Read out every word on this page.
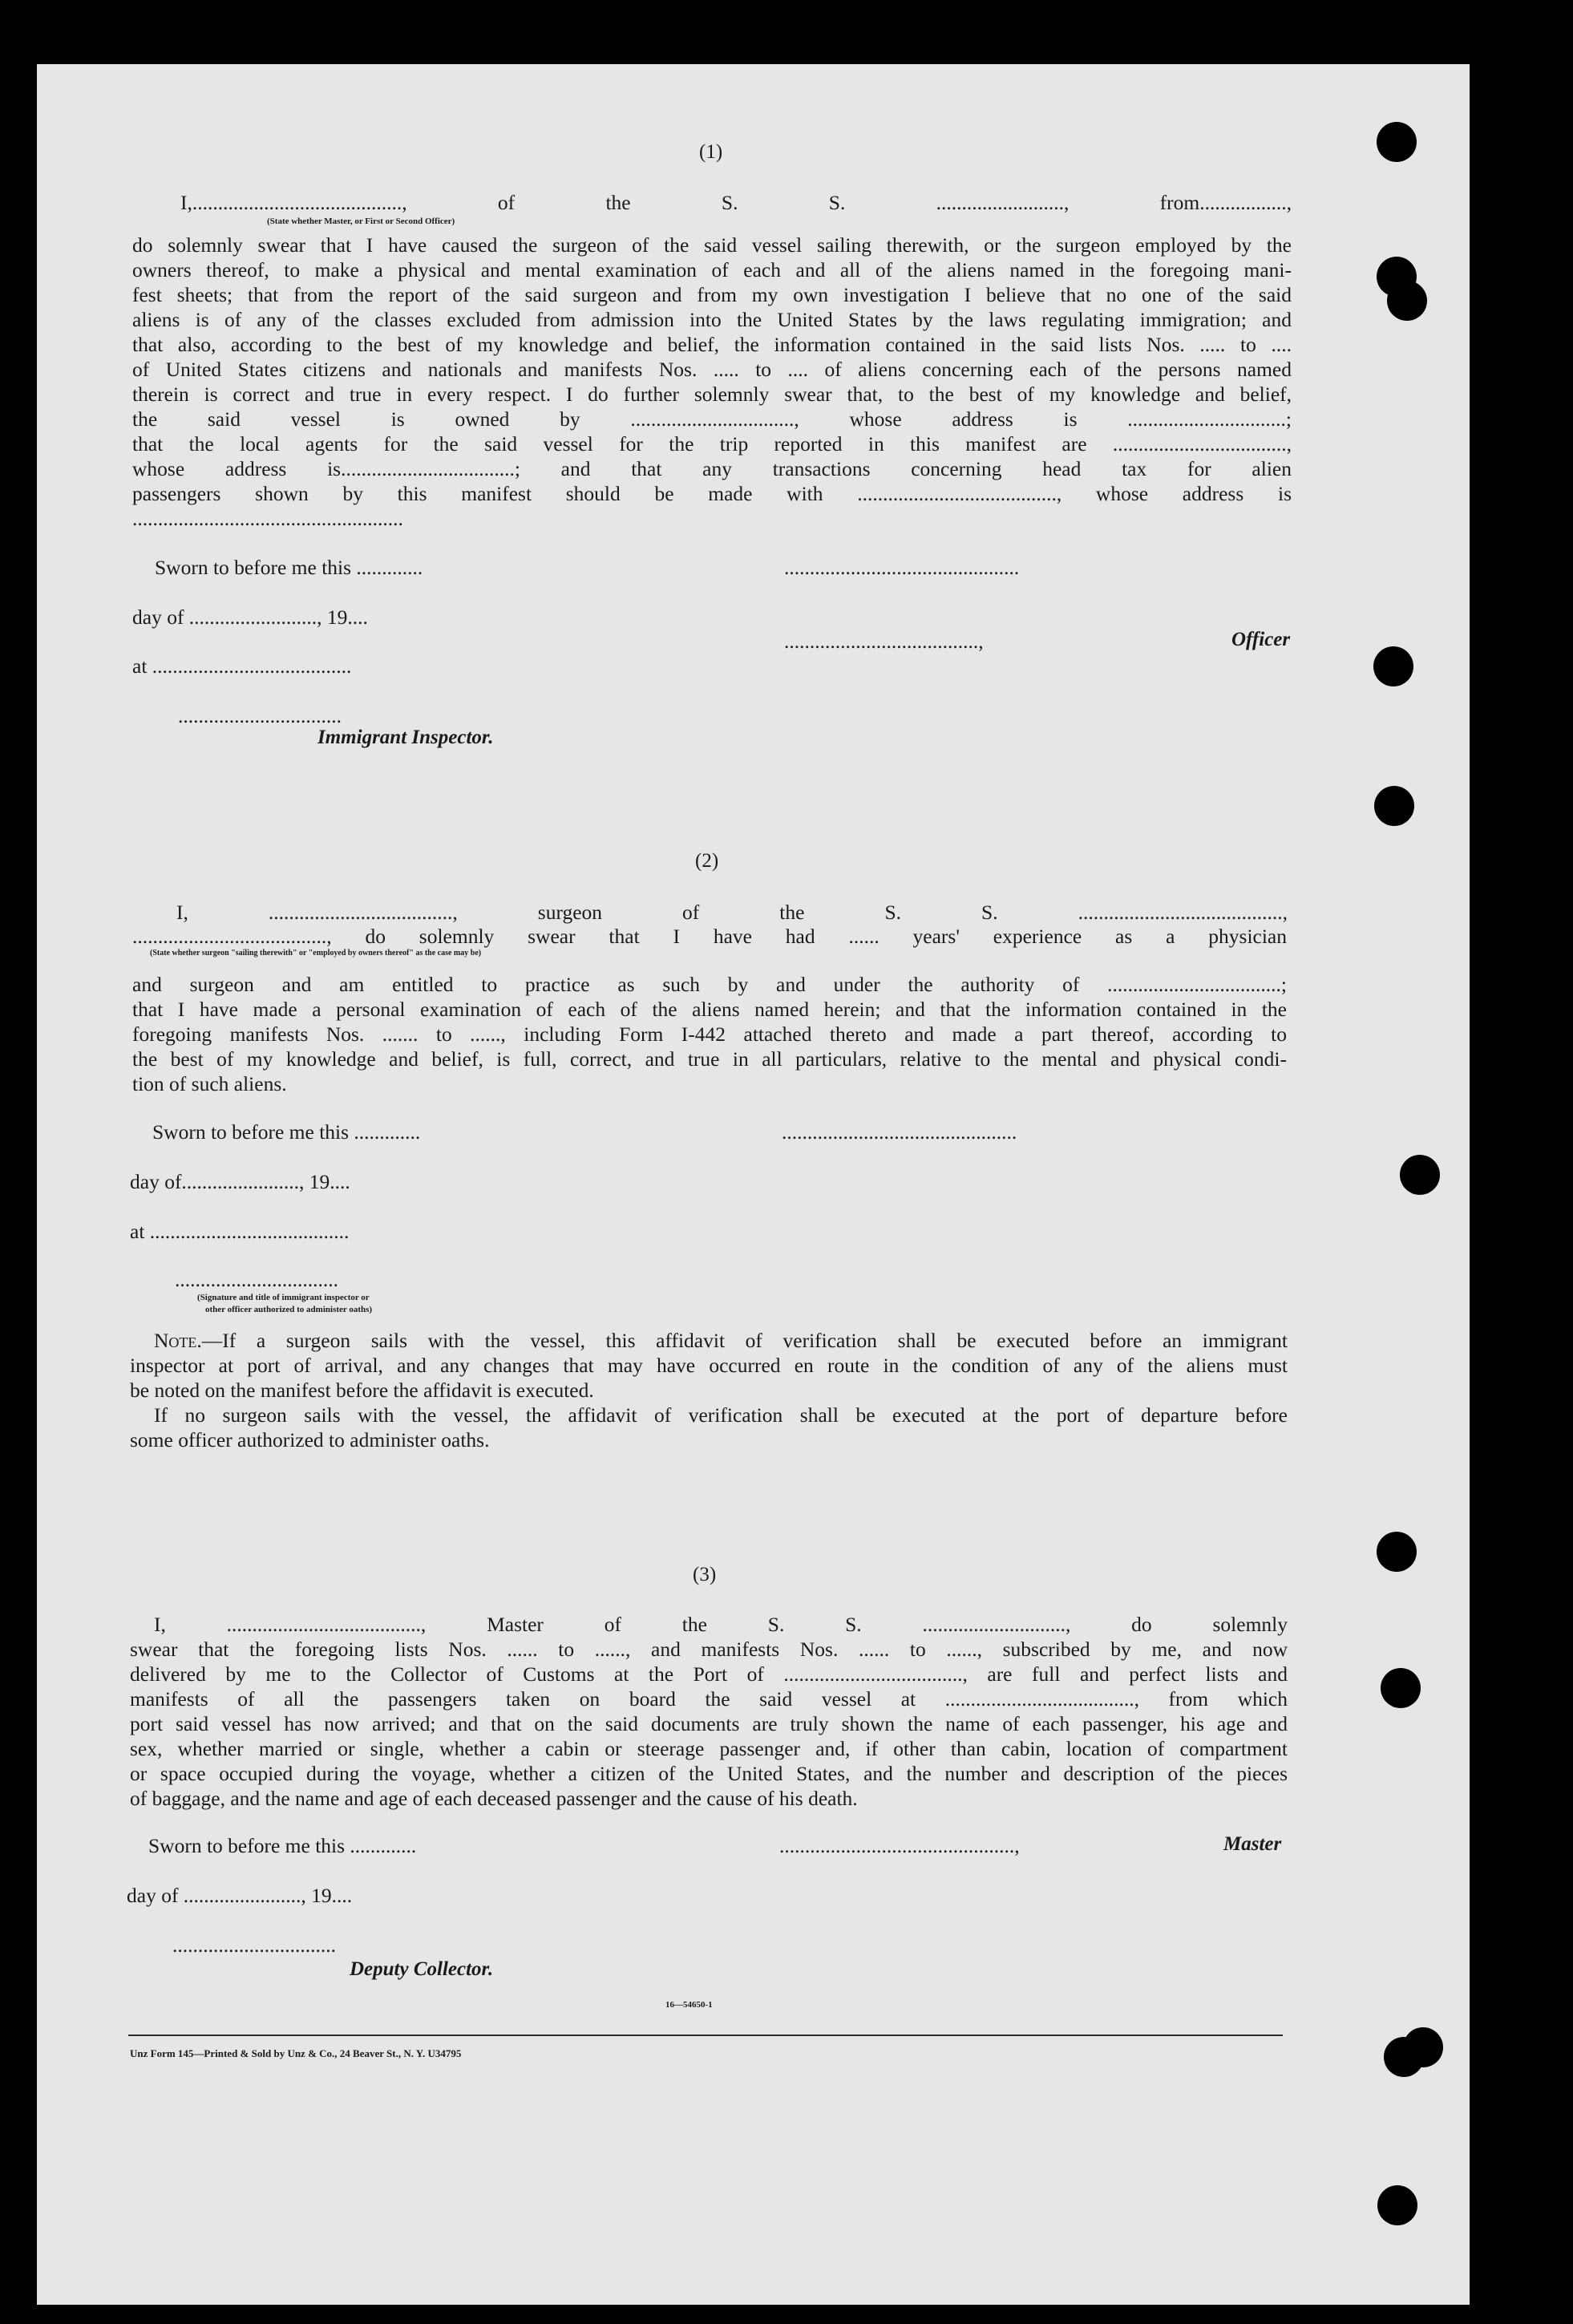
(1)
I,........................................., of the S. S. ........................., from.................,
(State whether Master, or First or Second Officer)
do solemnly swear that I have caused the surgeon of the said vessel sailing therewith, or the surgeon employed by the
owners thereof, to make a physical and mental examination of each and all of the aliens named in the foregoing mani-
fest sheets; that from the report of the said surgeon and from my own investigation I believe that no one of the said
aliens is of any of the classes excluded from admission into the United States by the laws regulating immigration; and
that also, according to the best of my knowledge and belief, the information contained in the said lists Nos. ..... to ....
of United States citizens and nationals and manifests Nos. ..... to .... of aliens concerning each of the persons named
therein is correct and true in every respect. I do further solemnly swear that, to the best of my knowledge and belief,
the said vessel is owned by ................................, whose address is ...............................;
that the local agents for the said vessel for the trip reported in this manifest are ..................................,
whose address is..................................; and that any transactions concerning head tax for alien
passengers shown by this manifest should be made with ......................................., whose address is
.....................................................
Sworn to before me this .............	..............................................
day of ........................., 19....
......................................,	Officer
at .......................................
................................
Immigrant Inspector.
(2)
I, ...................................., surgeon of the S. S. ........................................,
......................................, do solemnly swear that I have had ...... years' experience as a physician
(State whether surgeon "sailing therewith" or "employed by owners thereof" as the case may be)
and surgeon and am entitled to practice as such by and under the authority of ..................................;
that I have made a personal examination of each of the aliens named herein; and that the information contained in the
foregoing manifests Nos. ....... to ......, including Form I-442 attached thereto and made a part thereof, according to
the best of my knowledge and belief, is full, correct, and true in all particulars, relative to the mental and physical condi-
tion of such aliens.
Sworn to before me this .............	..............................................
day of......................., 19....
at .......................................
................................
(Signature and title of immigrant inspector or
other officer authorized to administer oaths)
Note.—If a surgeon sails with the vessel, this affidavit of verification shall be executed before an immigrant
inspector at port of arrival, and any changes that may have occurred en route in the condition of any of the aliens must
be noted on the manifest before the affidavit is executed.
If no surgeon sails with the vessel, the affidavit of verification shall be executed at the port of departure before
some officer authorized to administer oaths.
(3)
I, ......................................, Master of the S. S. ............................, do solemnly
swear that the foregoing lists Nos. ...... to ......, and manifests Nos. ...... to ......, subscribed by me, and now
delivered by me to the Collector of Customs at the Port of ..................................., are full and perfect lists and
manifests of all the passengers taken on board the said vessel at ....................................., from which
port said vessel has now arrived; and that on the said documents are truly shown the name of each passenger, his age and
sex, whether married or single, whether a cabin or steerage passenger and, if other than cabin, location of compartment
or space occupied during the voyage, whether a citizen of the United States, and the number and description of the pieces
of baggage, and the name and age of each deceased passenger and the cause of his death.
Sworn to before me this .............	..............................................,	Master
day of ......................., 19....
................................
Deputy Collector.
16—54650-1
Unz Form 145—Printed & Sold by Unz & Co., 24 Beaver St., N. Y. U34795
